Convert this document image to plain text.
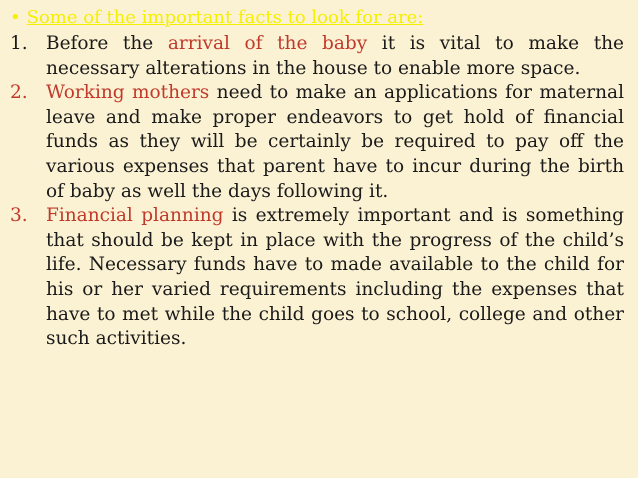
• Some of the important facts to look for are:
1. Before the arrival of the baby it is vital to make the necessary alterations in the house to enable more space.
2. Working mothers need to make an applications for maternal leave and make proper endeavors to get hold of financial funds as they will be certainly be required to pay off the various expenses that parent have to incur during the birth of baby as well the days following it.
3. Financial planning is extremely important and is something that should be kept in place with the progress of the child’s life. Necessary funds have to made available to the child for his or her varied requirements including the expenses that have to met while the child goes to school, college and other such activities.
